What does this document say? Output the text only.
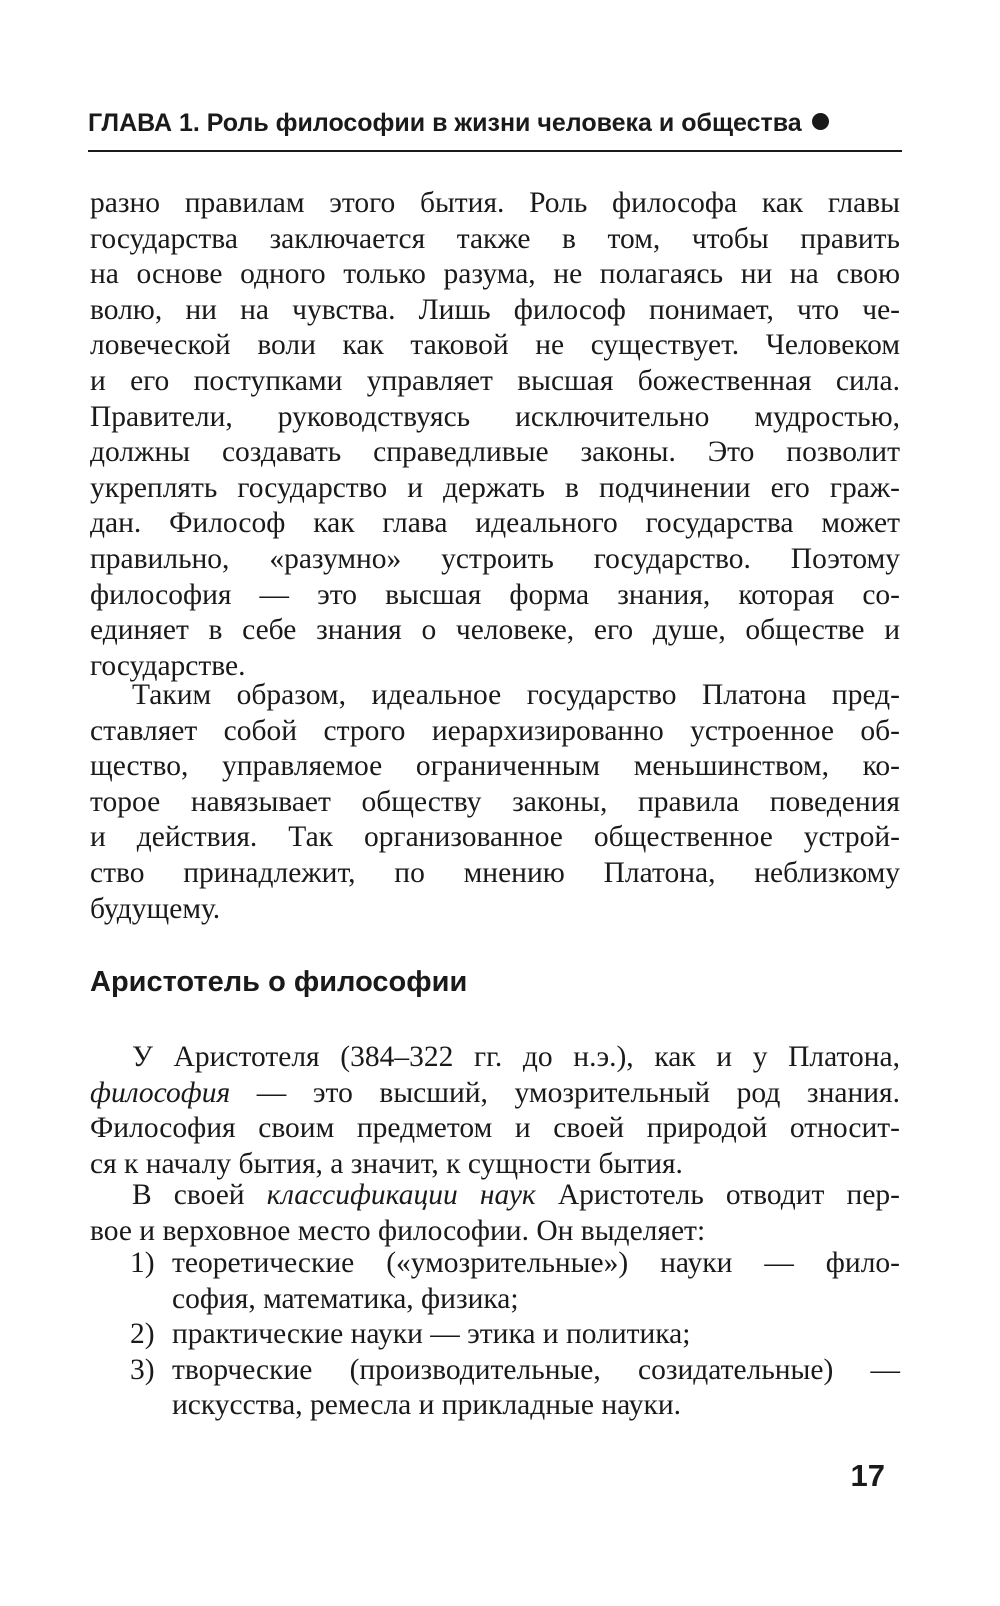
ГЛАВА 1. Роль философии в жизни человека и общества
разно правилам этого бытия. Роль философа как главы
государства заключается также в том, чтобы править
на основе одного только разума, не полагаясь ни на свою
волю, ни на чувства. Лишь философ понимает, что че-
ловеческой воли как таковой не существует. Человеком
и его поступками управляет высшая божественная сила.
Правители, руководствуясь исключительно мудростью,
должны создавать справедливые законы. Это позволит
укреплять государство и держать в подчинении его граж-
дан. Философ как глава идеального государства может
правильно, «разумно» устроить государство. Поэтому
философия — это высшая форма знания, которая со-
единяет в себе знания о человеке, его душе, обществе и
государстве.
Таким образом, идеальное государство Платона пред-
ставляет собой строго иерархизированно устроенное об-
щество, управляемое ограниченным меньшинством, ко-
торое навязывает обществу законы, правила поведения
и действия. Так организованное общественное устрой-
ство принадлежит, по мнению Платона, неблизкому
будущему.
Аристотель о философии
У Аристотеля (384–322 гг. до н.э.), как и у Платона,
философия — это высший, умозрительный род знания.
Философия своим предметом и своей природой относит-
ся к началу бытия, а значит, к сущности бытия.
В своей классификации наук Аристотель отводит пер-
вое и верховное место философии. Он выделяет:
1) теоретические («умозрительные») науки — фило-
софия, математика, физика;
2) практические науки — этика и политика;
3) творческие (производительные, созидательные) —
искусства, ремесла и прикладные науки.
17
